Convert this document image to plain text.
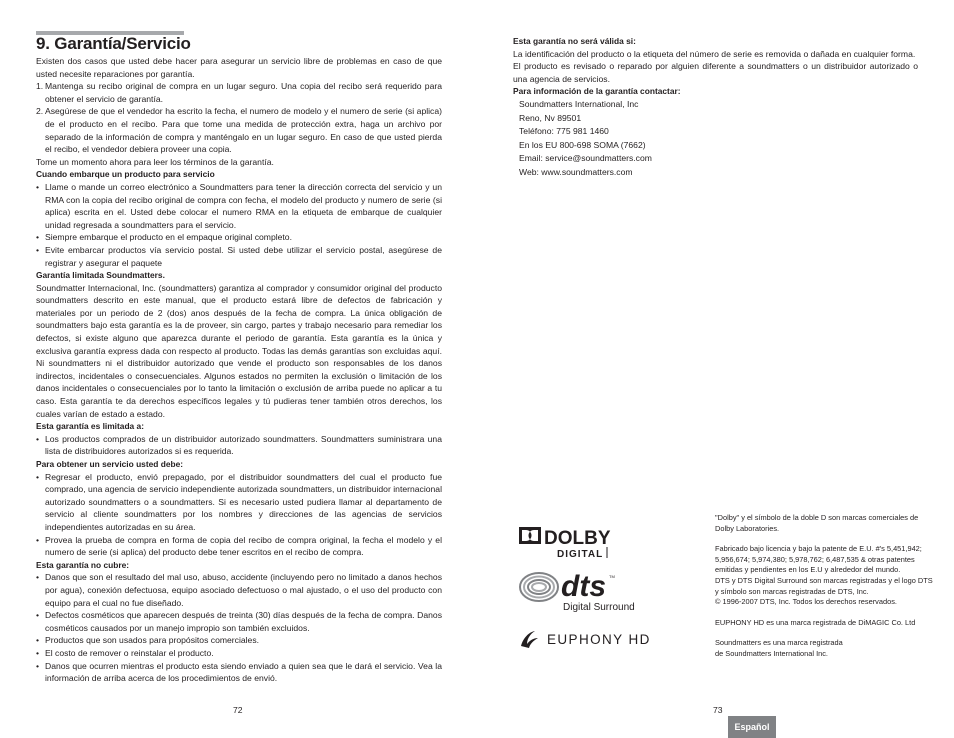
9. Garantía/Servicio

Existen dos casos que usted debe hacer para asegurar un servicio libre de problemas en caso de que usted necesite reparaciones por garantía.

1. Mantenga su recibo original de compra en un lugar seguro. Una copia del recibo será requerido para obtener el servicio de garantía.
2. Asegúrese de que el vendedor ha escrito la fecha, el numero de modelo y el numero de serie (si aplica) de el producto en el recibo. Para que tome una medida de protección extra, haga un archivo por separado de la información de compra y manténgalo en un lugar seguro. En caso de que usted pierda el recibo, el vendedor debiera proveer una copia.

Tome un momento ahora para leer los términos de la garantía.

Cuando embarque un producto para servicio

• Llame o mande un correo electrónico a Soundmatters para tener la dirección correcta del servicio y un RMA con la copia del recibo original de compra con fecha, el modelo del producto y numero de serie (si aplica) escrita en el. Usted debe colocar el numero RMA en la etiqueta de embarque de cualquier unidad regresada a soundmatters para el servicio.
• Siempre embarque el producto en el empaque original completo.
• Evite embarcar productos vía servicio postal. Si usted debe utilizar el servicio postal, asegúrese de registrar y asegurar el paquete

Garantía limitada Soundmatters.

Soundmatter Internacional, Inc. (soundmatters) garantiza al comprador y consumidor original del producto soundmatters descrito en este manual, que el producto estará libre de defectos de fabricación y materiales por un periodo de 2 (dos) anos después de la fecha de compra. La única obligación de soundmatters bajo esta garantía es la de proveer, sin cargo, partes y trabajo necesario para remediar los defectos, si existe alguno que aparezca durante el periodo de garantía. Esta garantía es la única y exclusiva garantía express dada con respecto al producto. Todas las demás garantías son excluidas aquí. Ni soundmatters ni el distribuidor autorizado que vende el producto son responsables de los danos indirectos, incidentales o consecuenciales. Algunos estados no permiten la exclusión o limitación de los danos incidentales o consecuenciales por lo tanto la limitación o exclusión de arriba puede no aplicar a tu caso. Esta garantía te da derechos específicos legales y tú pudieras tener también otros derechos, los cuales varían de estado a estado.

Esta garantía es limitada a:

• Los productos comprados de un distribuidor autorizado soundmatters. Soundmatters suministrara una lista de distribuidores autorizados si es requerida.

Para obtener un servicio usted debe:

• Regresar el producto, envió prepagado, por el distribuidor soundmatters del cual el producto fue comprado, una agencia de servicio independiente autorizada soundmatters, un distribuidor internacional autorizado soundmatters o a soundmatters. Si es necesario usted pudiera llamar al departamento de servicio al cliente soundmatters por los nombres y direcciones de las agencias de servicios independientes autorizadas en su área.
• Provea la prueba de compra en forma de copia del recibo de compra original, la fecha el modelo y el numero de serie (si aplica) del producto debe tener escritos en el recibo de compra.

Esta garantía no cubre:

• Danos que son el resultado del mal uso, abuso, accidente (incluyendo pero no limitado a danos hechos por agua), conexión defectuosa, equipo asociado defectuoso o mal ajustado, o el uso del producto con equipo para el cual no fue diseñado.
• Defectos cosméticos que aparecen después de treinta (30) días después de la fecha de compra. Danos cosméticos causados por un manejo impropio son también excluidos.
• Productos que son usados para propósitos comerciales.
• El costo de remover o reinstalar el producto.
• Danos que ocurren mientras el producto esta siendo enviado a quien sea que le dará el servicio. Vea la información de arriba acerca de los procedimientos de envió.
72

Esta garantía no será válida si:

La identificación del producto o la etiqueta del número de serie es removida o dañada en cualquier forma.

El producto es revisado o reparado por alguien diferente a soundmatters o un distribuidor autorizado o una agencia de servicios.

Para información de la garantía contactar:

Soundmatters International, Inc
Reno, Nv 89501
Teléfono: 775 981 1460
En los EU 800-698 SOMA (7662)
Email: service@soundmatters.com
Web: www.soundmatters.com
DOLBY
DIGITAL
dts TM
Digital Surround
EUPHONY HD

"Dolby" y el símbolo de la doble D son marcas comerciales de Dolby Laboratories.

Fabricado bajo licencia y bajo la patente de E.U. #'s 5,451,942; 5,956,674; 5,974,380; 5,978,762; 6,487,535 & otras patentes emitidas y pendientes en los E.U y alrededor del mundo.
DTS y DTS Digital Surround son marcas registradas y el logo DTS y símbolo son marcas registradas de DTS, Inc.
© 1996-2007 DTS, Inc. Todos los derechos reservados.

EUPHONY HD es una marca registrada de DiMAGIC Co. Ltd

Soundmatters es una marca registrada
de Soundmatters International Inc.

73
Español
